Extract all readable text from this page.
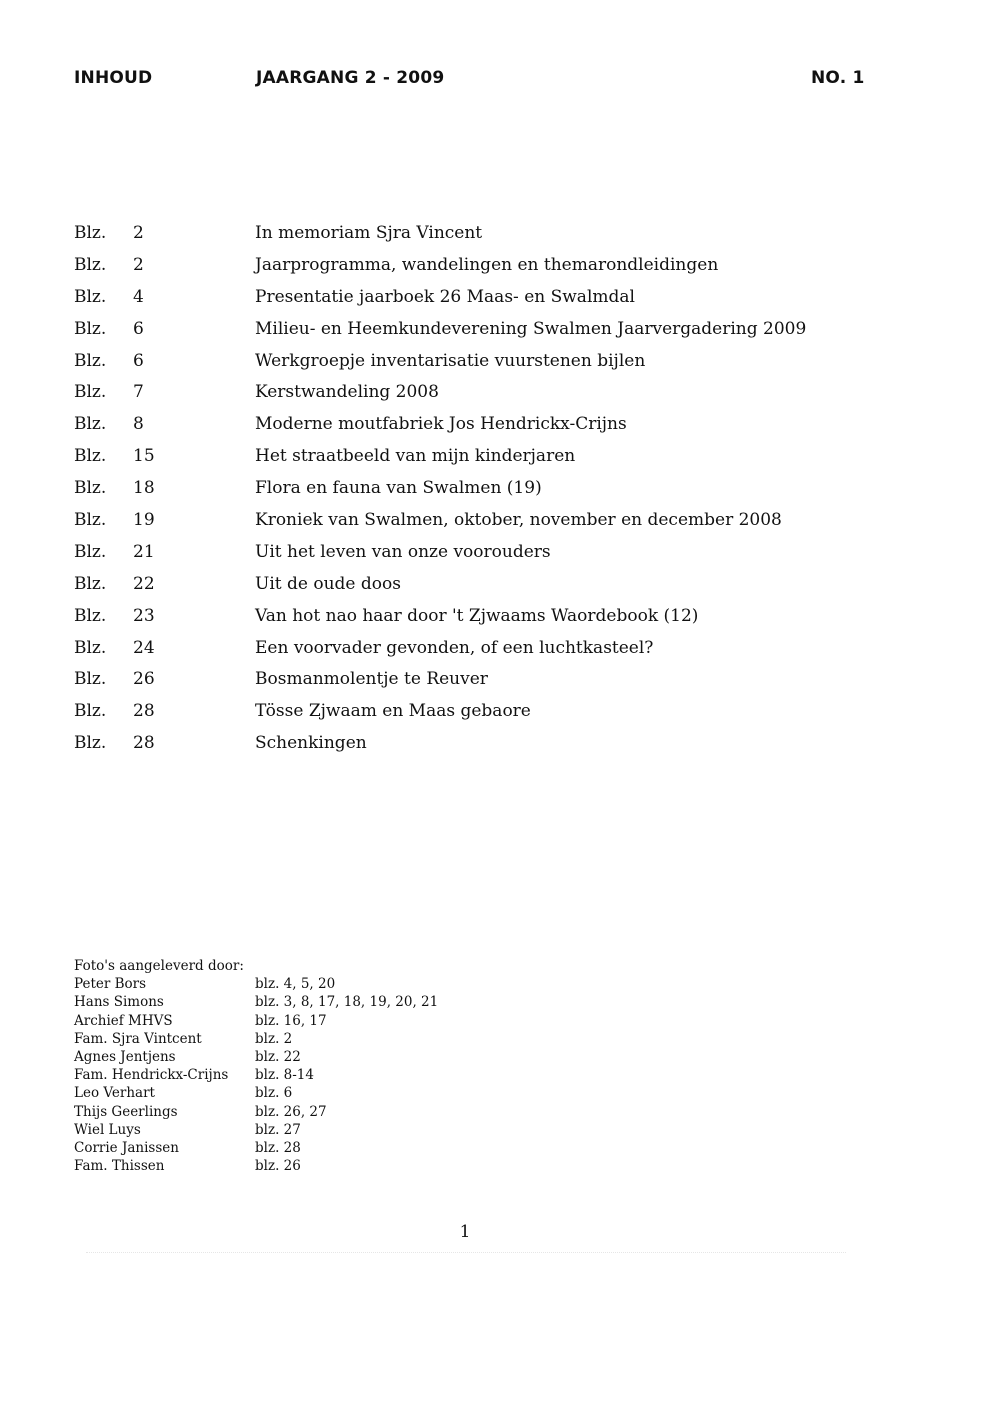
INHOUD	JAARGANG 2 - 2009	NO. 1
Blz. 2	In memoriam Sjra Vincent
Blz. 2	Jaarprogramma, wandelingen en themarondleidingen
Blz. 4	Presentatie jaarboek 26 Maas- en Swalmdal
Blz. 6	Milieu- en Heemkundeverening Swalmen Jaarvergadering 2009
Blz. 6	Werkgroepje inventarisatie vuurstenen bijlen
Blz. 7	Kerstwandeling 2008
Blz. 8	Moderne moutfabriek Jos Hendrickx-Crijns
Blz. 15	Het straatbeeld van mijn kinderjaren
Blz. 18	Flora en fauna van Swalmen (19)
Blz. 19	Kroniek van Swalmen, oktober, november en december 2008
Blz. 21	Uit het leven van onze voorouders
Blz. 22	Uit de oude doos
Blz. 23	Van hot nao haar door 't Zjwaams Waordebook (12)
Blz. 24	Een voorvader gevonden, of een luchtkasteel?
Blz. 26	Bosmanmolentje te Reuver
Blz. 28	Tösse Zjwaam en Maas gebaore
Blz. 28	Schenkingen
Foto's aangeleverd door:
Peter Bors	blz. 4, 5, 20
Hans Simons	blz. 3, 8, 17, 18, 19, 20, 21
Archief MHVS	blz. 16, 17
Fam. Sjra Vintcent	blz. 2
Agnes Jentjens	blz. 22
Fam. Hendrickx-Crijns blz. 8-14
Leo Verhart	blz. 6
Thijs Geerlings	blz. 26, 27
Wiel Luys	blz. 27
Corrie Janissen	blz. 28
Fam. Thissen	blz. 26
1
